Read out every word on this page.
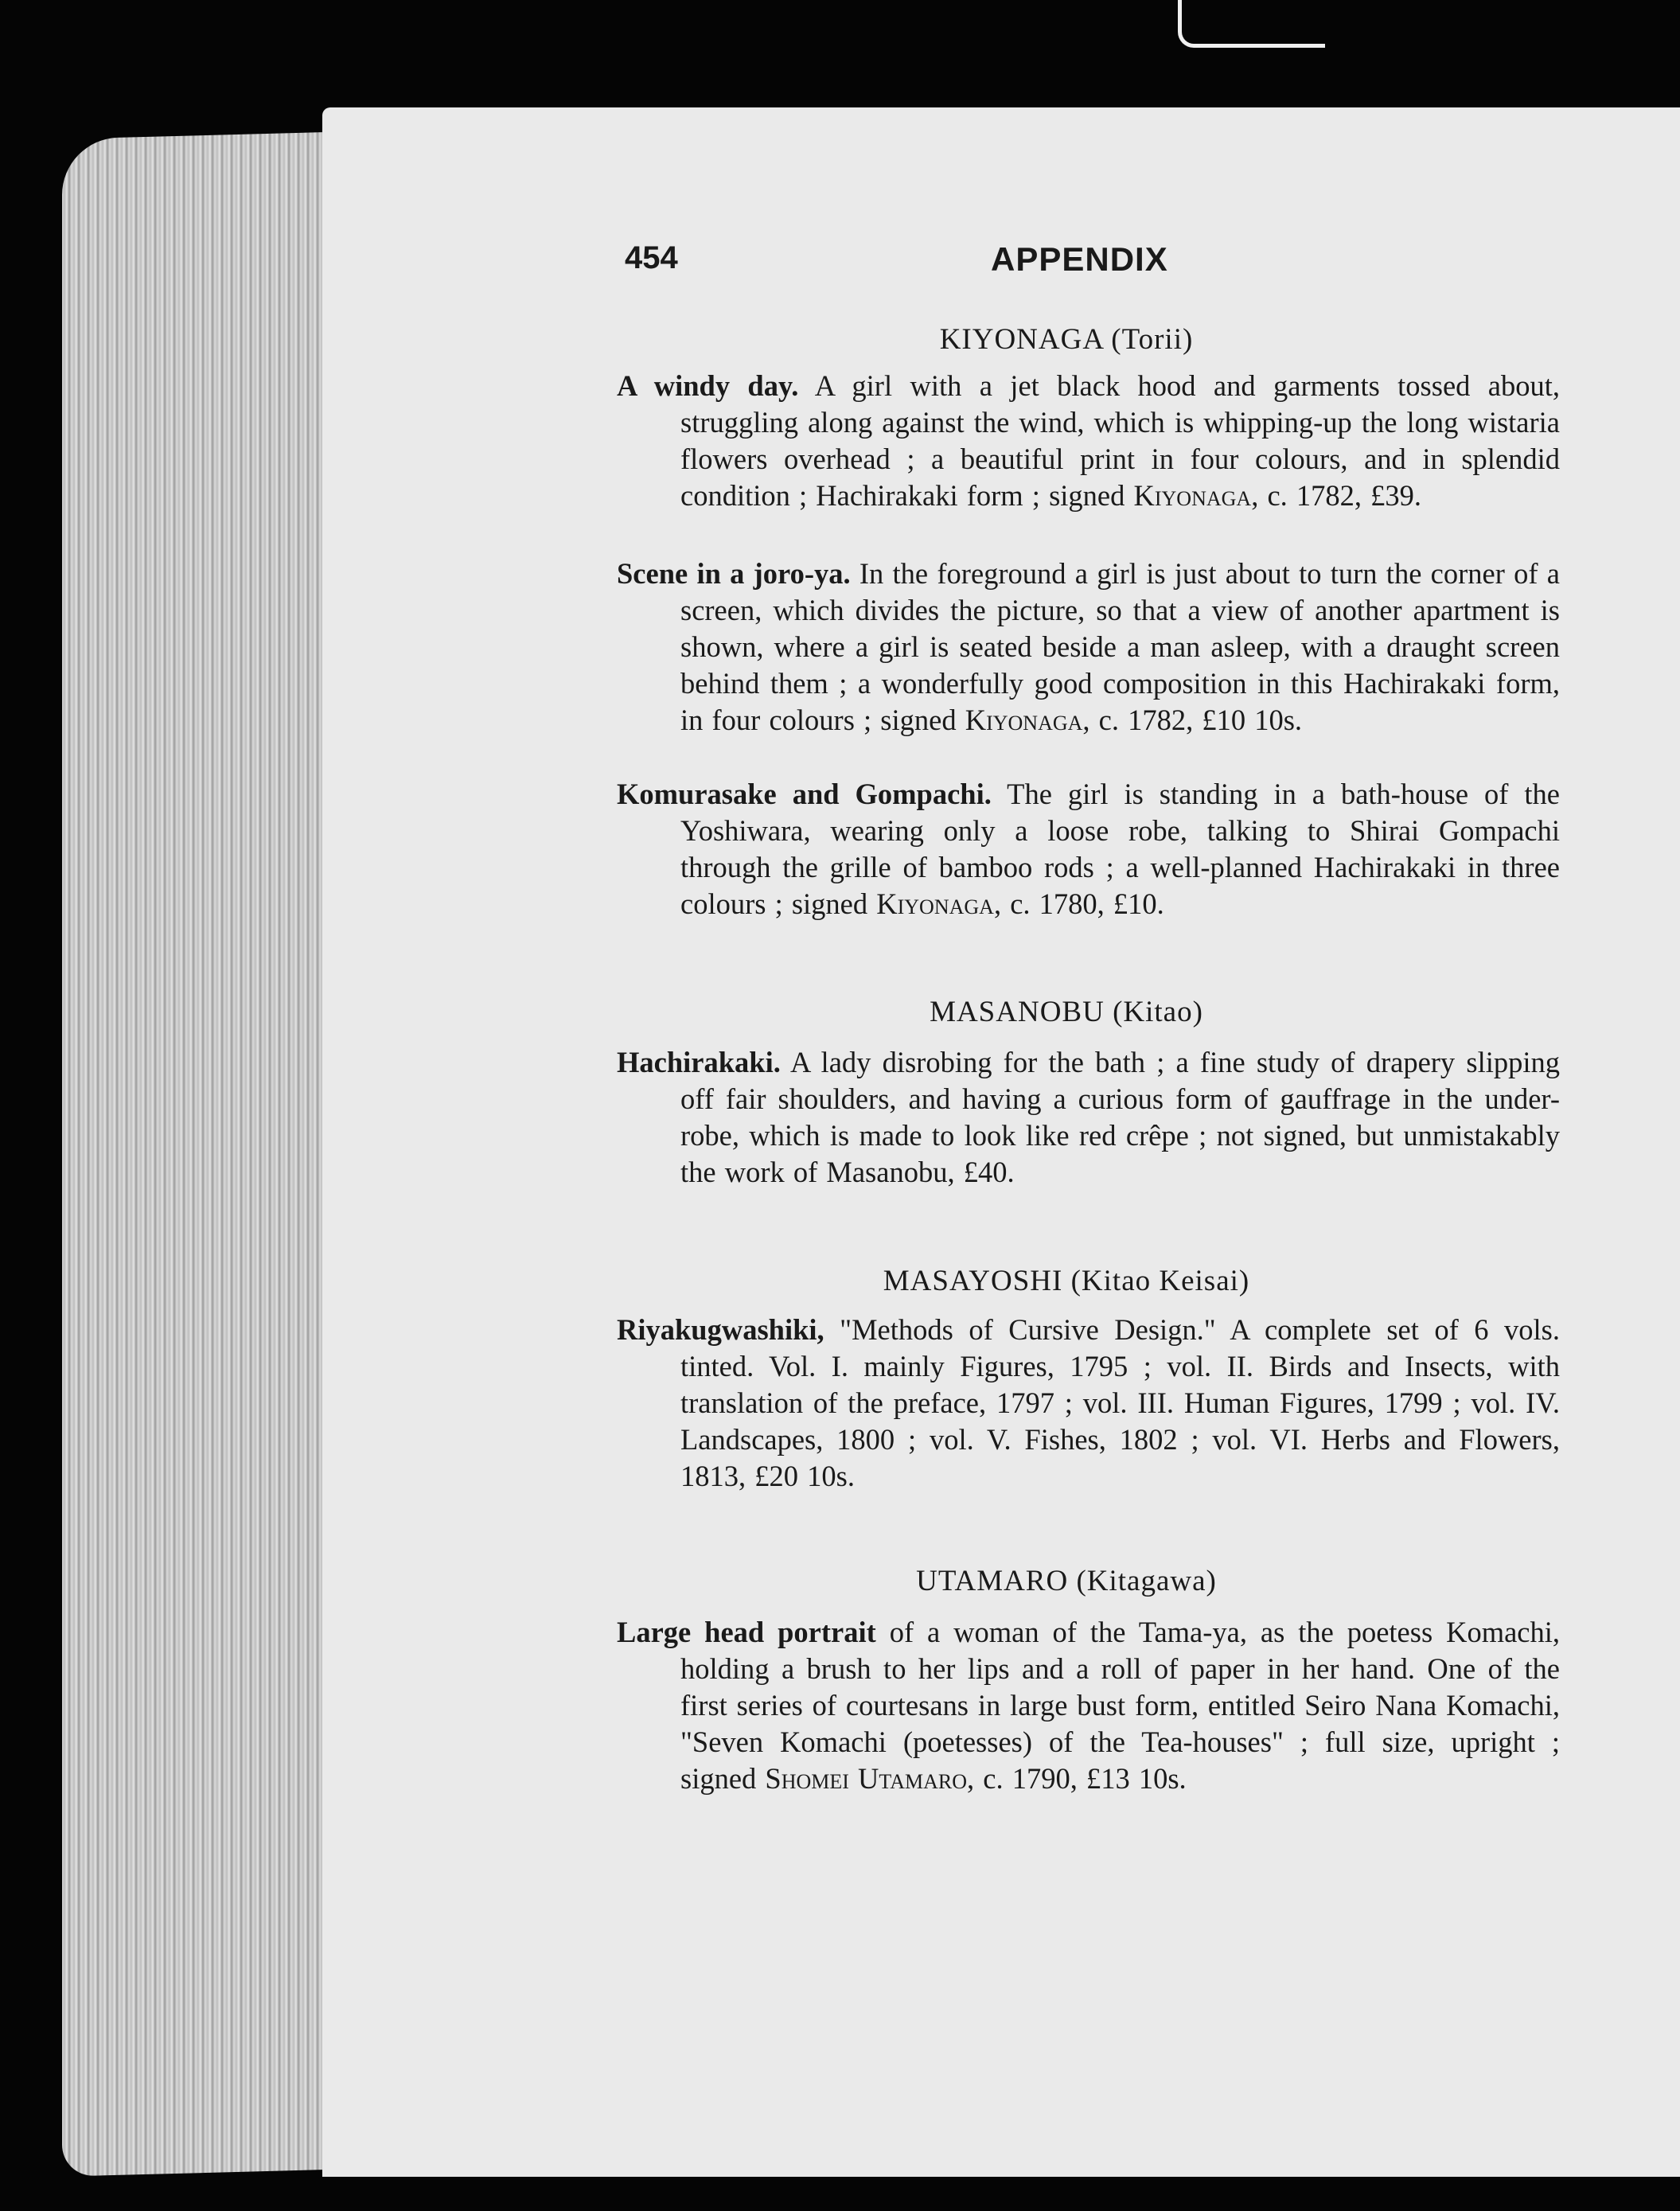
454	APPENDIX
KIYONAGA (Torii)
A windy day. A girl with a jet black hood and garments tossed about, struggling along against the wind, which is whipping-up the long wistaria flowers overhead ; a beautiful print in four colours, and in splendid condition ; Hachirakaki form ; signed Kiyonaga, c. 1782, £39.
Scene in a joro-ya. In the foreground a girl is just about to turn the corner of a screen, which divides the picture, so that a view of another apartment is shown, where a girl is seated beside a man asleep, with a draught screen behind them ; a wonderfully good composition in this Hachirakaki form, in four colours ; signed Kiyonaga, c. 1782, £10 10s.
Komurasake and Gompachi. The girl is standing in a bath-house of the Yoshiwara, wearing only a loose robe, talking to Shirai Gompachi through the grille of bamboo rods ; a well-planned Hachirakaki in three colours ; signed Kiyonaga, c. 1780, £10.
MASANOBU (Kitao)
Hachirakaki. A lady disrobing for the bath ; a fine study of drapery slipping off fair shoulders, and having a curious form of gauffrage in the under-robe, which is made to look like red crêpe ; not signed, but unmistakably the work of Masanobu, £40.
MASAYOSHI (Kitao Keisai)
Riyakugwashiki, "Methods of Cursive Design." A complete set of 6 vols. tinted. Vol. I. mainly Figures, 1795 ; vol. II. Birds and Insects, with translation of the preface, 1797 ; vol. III. Human Figures, 1799 ; vol. IV. Landscapes, 1800 ; vol. V. Fishes, 1802 ; vol. VI. Herbs and Flowers, 1813, £20 10s.
UTAMARO (Kitagawa)
Large head portrait of a woman of the Tama-ya, as the poetess Komachi, holding a brush to her lips and a roll of paper in her hand. One of the first series of courtesans in large bust form, entitled Seiro Nana Komachi, "Seven Komachi (poetesses) of the Tea-houses" ; full size, upright ; signed Shomei Utamaro, c. 1790, £13 10s.
